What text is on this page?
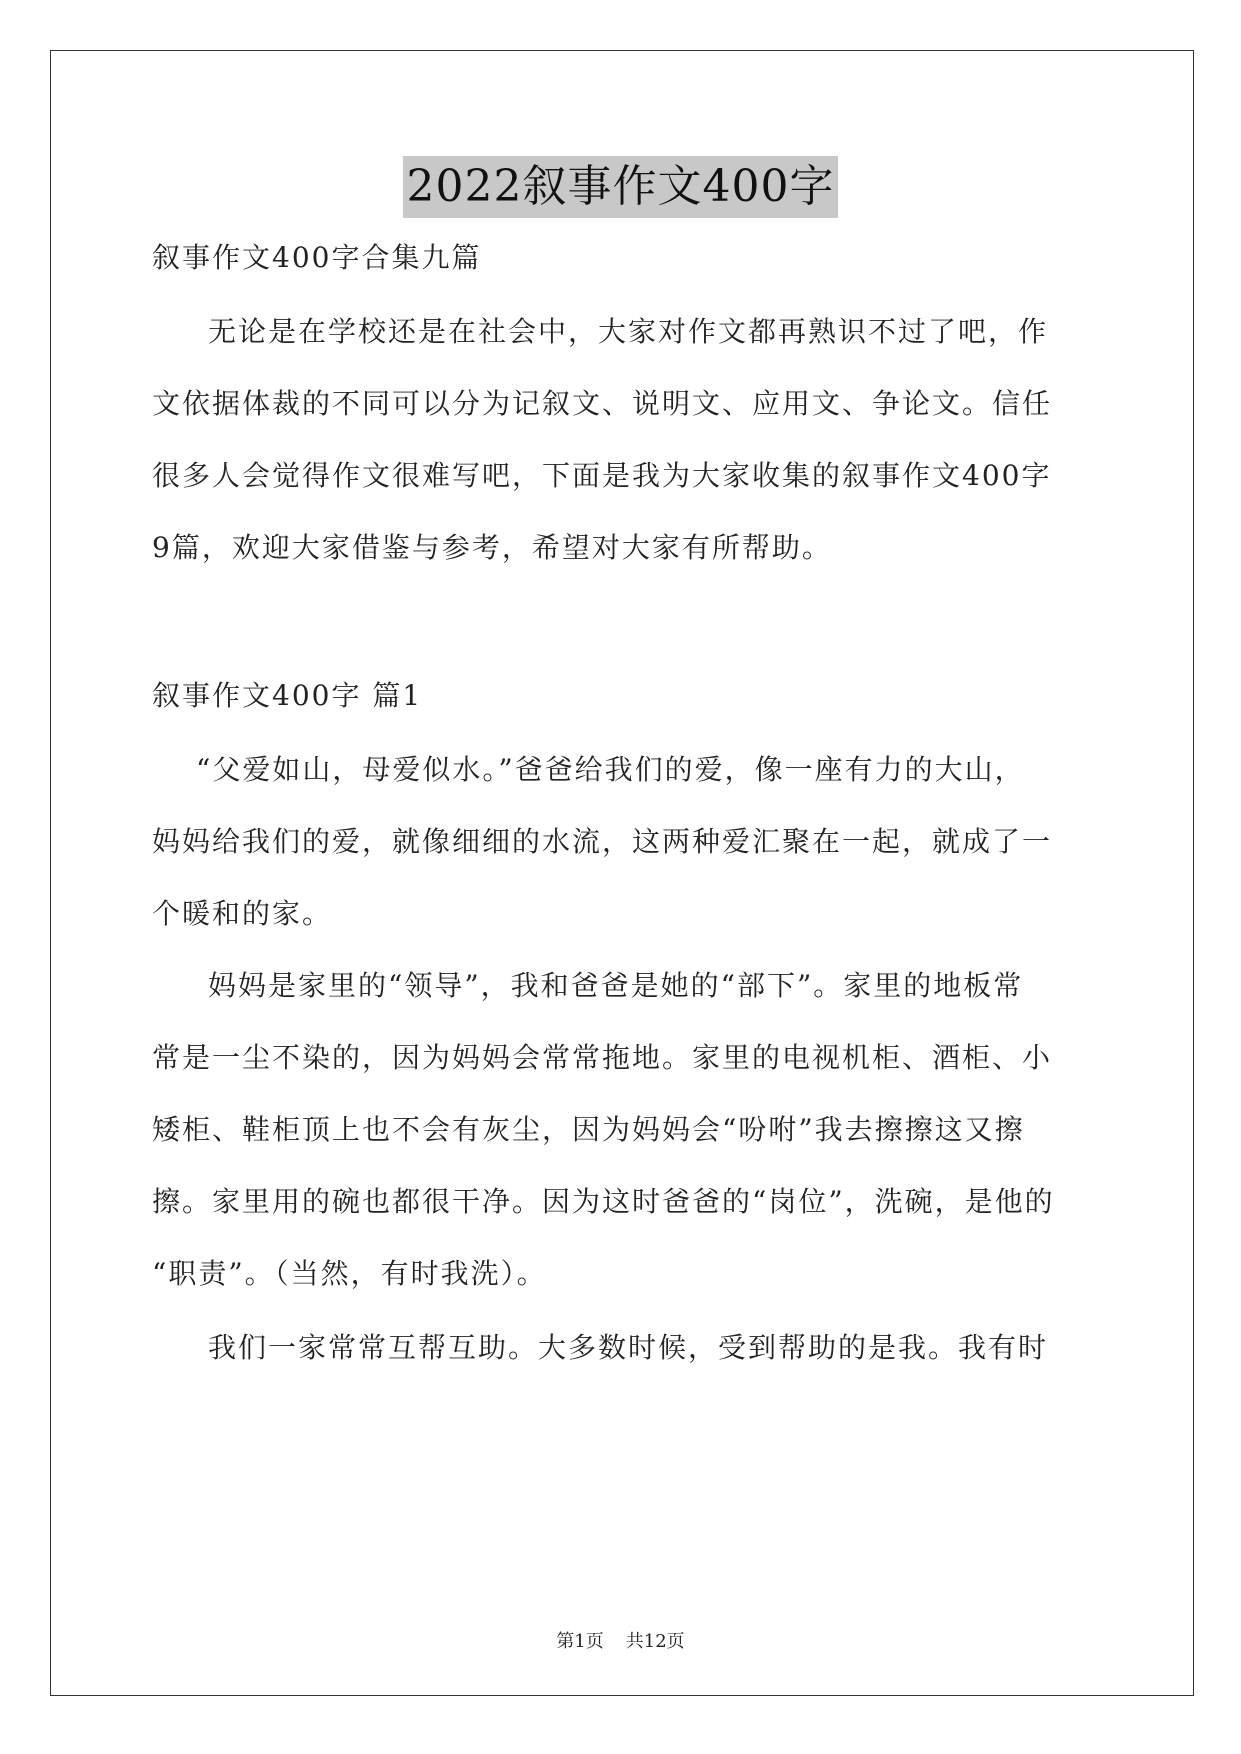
2022叙事作文400字
叙事作文400字合集九篇
无论是在学校还是在社会中，大家对作文都再熟识不过了吧，作
文依据体裁的不同可以分为记叙文、说明文、应用文、争论文。信任
很多人会觉得作文很难写吧，下面是我为大家收集的叙事作文400字
9篇，欢迎大家借鉴与参考，希望对大家有所帮助。
叙事作文400字 篇1
“父爱如山，母爱似水。”爸爸给我们的爱，像一座有力的大山，
妈妈给我们的爱，就像细细的水流，这两种爱汇聚在一起，就成了一
个暖和的家。
妈妈是家里的“领导”，我和爸爸是她的“部下”。家里的地板常
常是一尘不染的，因为妈妈会常常拖地。家里的电视机柜、酒柜、小
矮柜、鞋柜顶上也不会有灰尘，因为妈妈会“吩咐”我去擦擦这又擦
擦。家里用的碗也都很干净。因为这时爸爸的“岗位”，洗碗，是他的
“职责”。（当然，有时我洗）。
我们一家常常互帮互助。大多数时候，受到帮助的是我。我有时
第1页 共12页
